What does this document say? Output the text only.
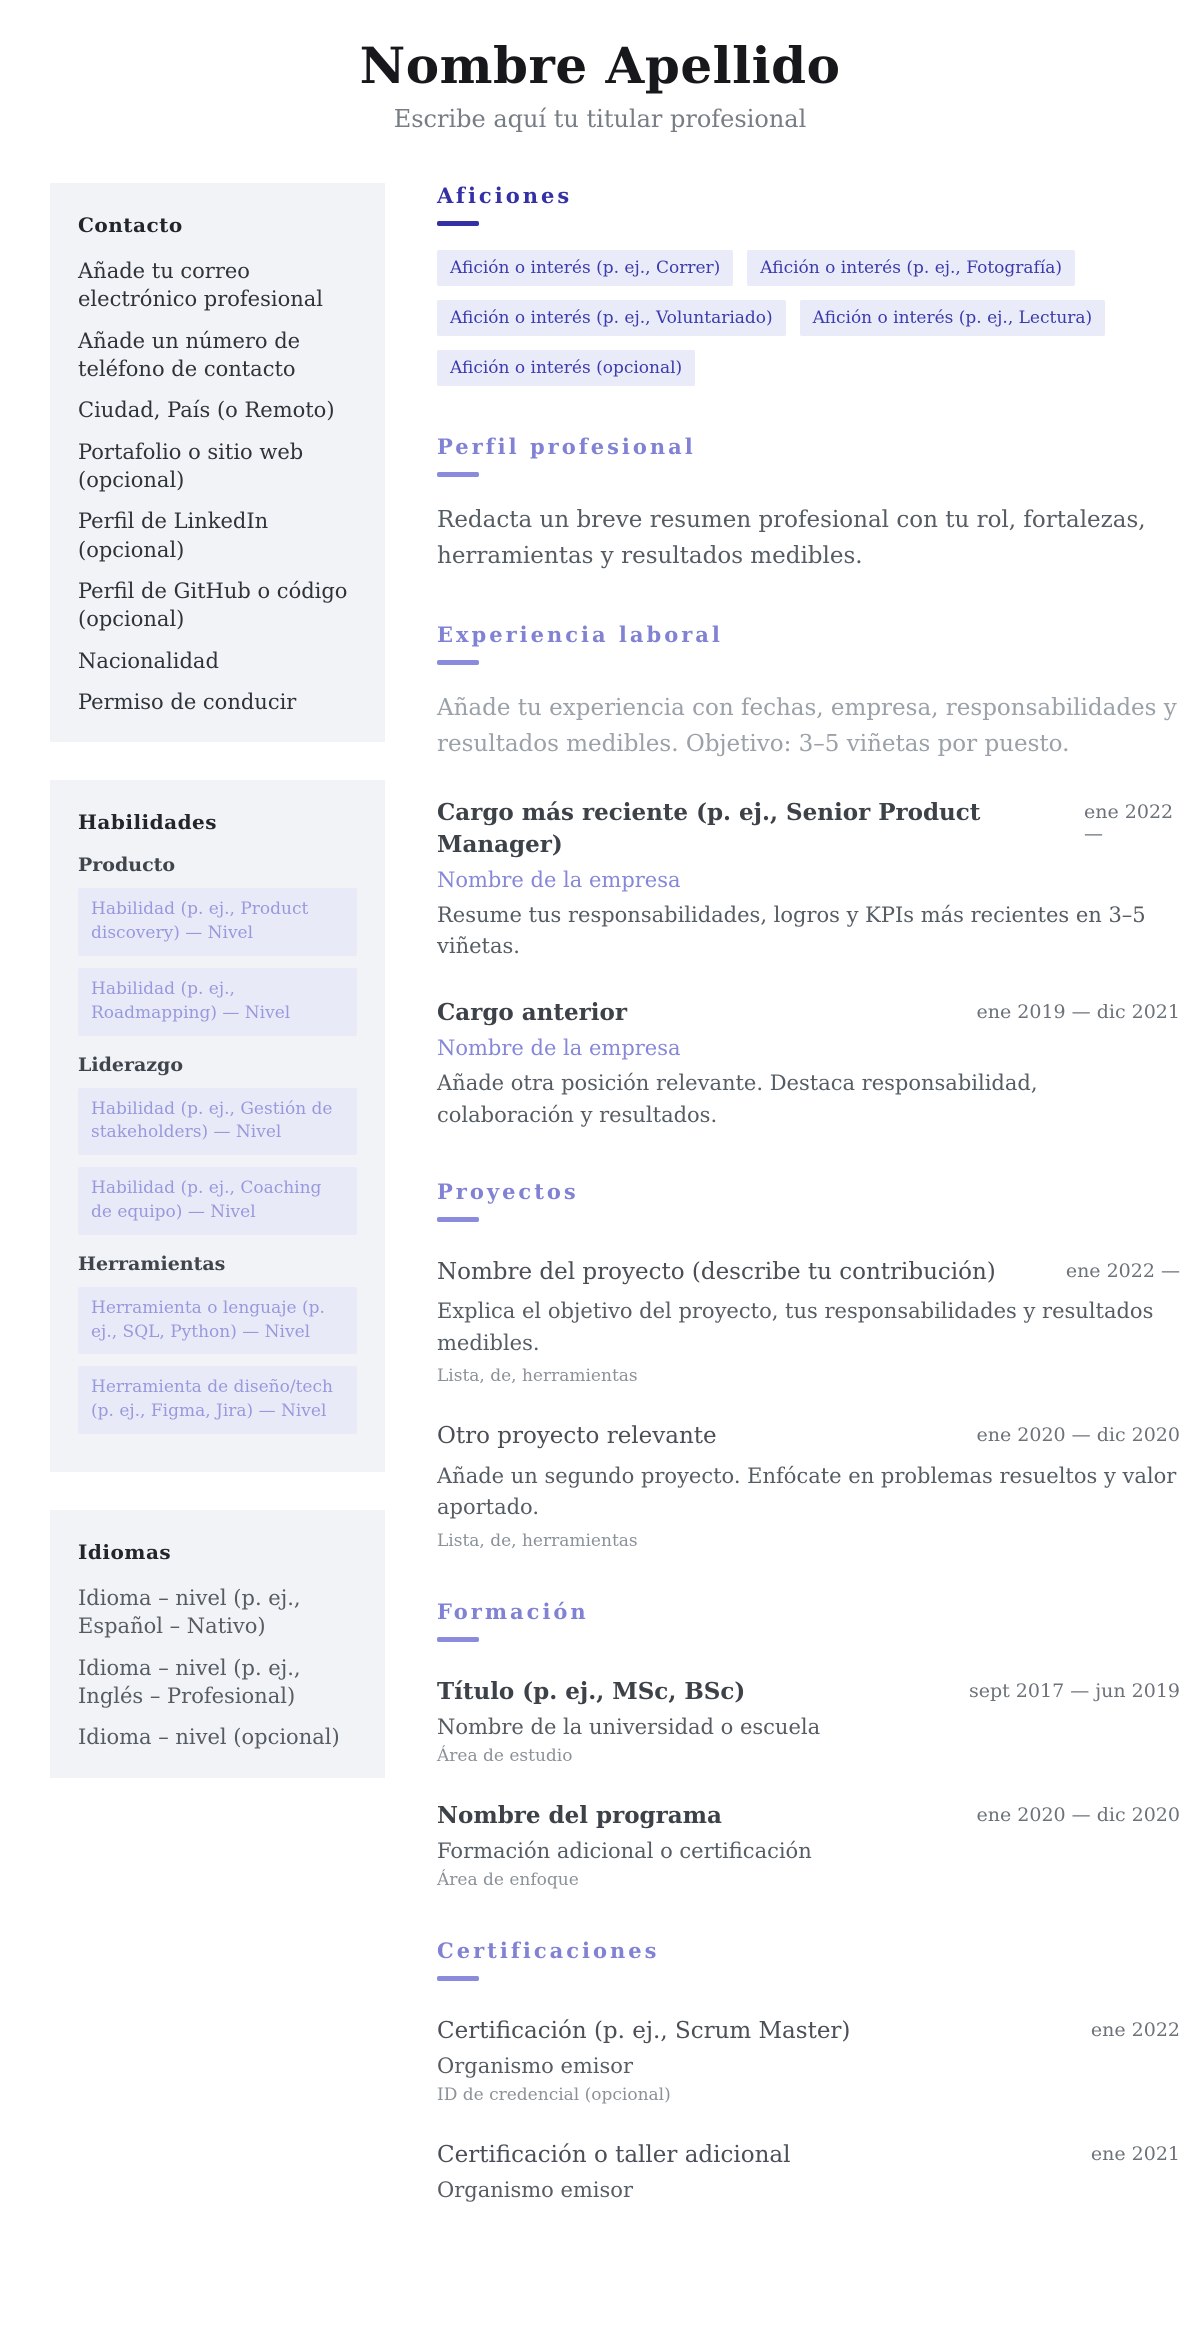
Nombre Apellido
Escribe aquí tu titular profesional
Contacto
Añade tu correo electrónico profesional
Añade un número de teléfono de contacto
Ciudad, País (o Remoto)
Portafolio o sitio web (opcional)
Perfil de LinkedIn (opcional)
Perfil de GitHub o código (opcional)
Nacionalidad
Permiso de conducir
Habilidades
Producto
Habilidad (p. ej., Product discovery) — Nivel
Habilidad (p. ej., Roadmapping) — Nivel
Liderazgo
Habilidad (p. ej., Gestión de stakeholders) — Nivel
Habilidad (p. ej., Coaching de equipo) — Nivel
Herramientas
Herramienta o lenguaje (p. ej., SQL, Python) — Nivel
Herramienta de diseño/tech (p. ej., Figma, Jira) — Nivel
Idiomas
Idioma – nivel (p. ej., Español – Nativo)
Idioma – nivel (p. ej., Inglés – Profesional)
Idioma – nivel (opcional)
Aficiones
Afición o interés (p. ej., Correr)	Afición o interés (p. ej., Fotografía)
Afición o interés (p. ej., Voluntariado)	Afición o interés (p. ej., Lectura)
Afición o interés (opcional)
Perfil profesional
Redacta un breve resumen profesional con tu rol, fortalezas, herramientas y resultados medibles.
Experiencia laboral
Añade tu experiencia con fechas, empresa, responsabilidades y resultados medibles. Objetivo: 3–5 viñetas por puesto.
Cargo más reciente (p. ej., Senior Product Manager)
ene 2022 —
Nombre de la empresa
Resume tus responsabilidades, logros y KPIs más recientes en 3–5 viñetas.
Cargo anterior	ene 2019 — dic 2021
Nombre de la empresa
Añade otra posición relevante. Destaca responsabilidad, colaboración y resultados.
Proyectos
Nombre del proyecto (describe tu contribución)	ene 2022 —
Explica el objetivo del proyecto, tus responsabilidades y resultados medibles.
Lista, de, herramientas
Otro proyecto relevante	ene 2020 — dic 2020
Añade un segundo proyecto. Enfócate en problemas resueltos y valor aportado.
Lista, de, herramientas
Formación
Título (p. ej., MSc, BSc)	sept 2017 — jun 2019
Nombre de la universidad o escuela
Área de estudio
Nombre del programa	ene 2020 — dic 2020
Formación adicional o certificación
Área de enfoque
Certificaciones
Certificación (p. ej., Scrum Master)	ene 2022
Organismo emisor
ID de credencial (opcional)
Certificación o taller adicional	ene 2021
Organismo emisor
